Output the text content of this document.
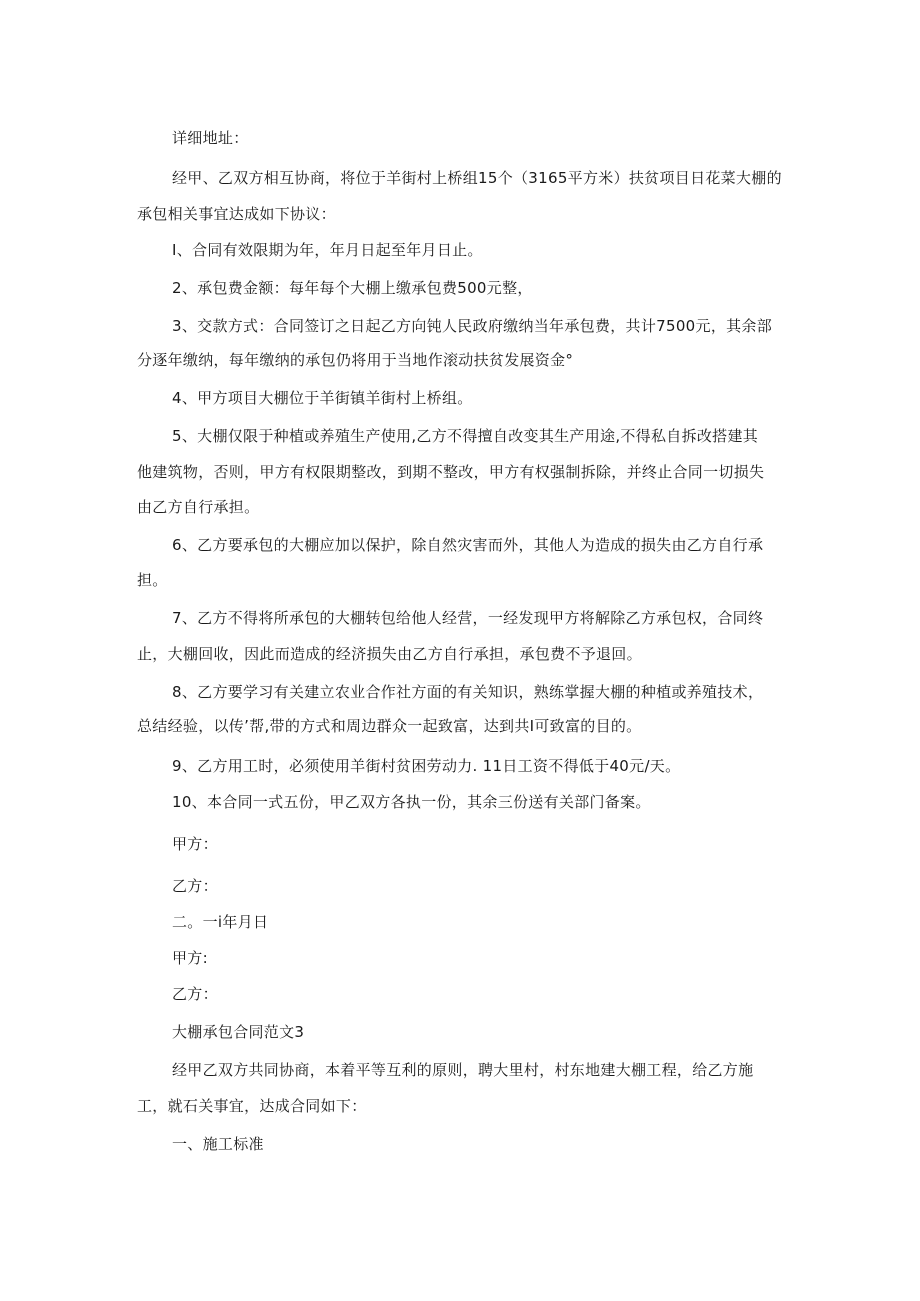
详细地址：
经甲、乙双方相互协商，将位于羊街村上桥组15个（3165平方米）扶贫项目日花菜大棚的
承包相关事宜达成如下协议：
I、合同有效限期为年，年月日起至年月日止。
2、承包费金额：每年每个大棚上缴承包费500元整，
3、交款方式：合同签订之日起乙方向钝人民政府缴纳当年承包费，共计7500元，其余部
分逐年缴纳，每年缴纳的承包仍将用于当地作滚动扶贫发展资金°
4、甲方项目大棚位于羊街镇羊街村上桥组。
5、大棚仅限于种植或养殖生产使用,乙方不得擅自改变其生产用途,不得私自拆改搭建其
他建筑物，否则，甲方有权限期整改，到期不整改，甲方有权强制拆除，并终止合同一切损失
由乙方自行承担。
6、乙方要承包的大棚应加以保护，除自然灾害而外，其他人为造成的损失由乙方自行承
担。
7、乙方不得将所承包的大棚转包给他人经营，一经发现甲方将解除乙方承包权，合同终
止，大棚回收，因此而造成的经济损失由乙方自行承担，承包费不予退回。
8、乙方要学习有关建立农业合作社方面的有关知识，熟练掌握大棚的种植或养殖技术，
总结经验，以传’帮,带的方式和周边群众一起致富，达到共I可致富的目的。
9、乙方用工时，必须使用羊街村贫困劳动力. 11日工资不得低于40元/天。
10、本合同一式五份，甲乙双方各执一份，其余三份送有关部门备案。
甲方：
乙方：
二。一i年月日
甲方:
乙方：
大棚承包合同范文3
经甲乙双方共同协商，本着平等互利的原则，聘大里村，村东地建大棚工程，给乙方施
工，就石关事宜，达成合同如下：
一、施工标准
